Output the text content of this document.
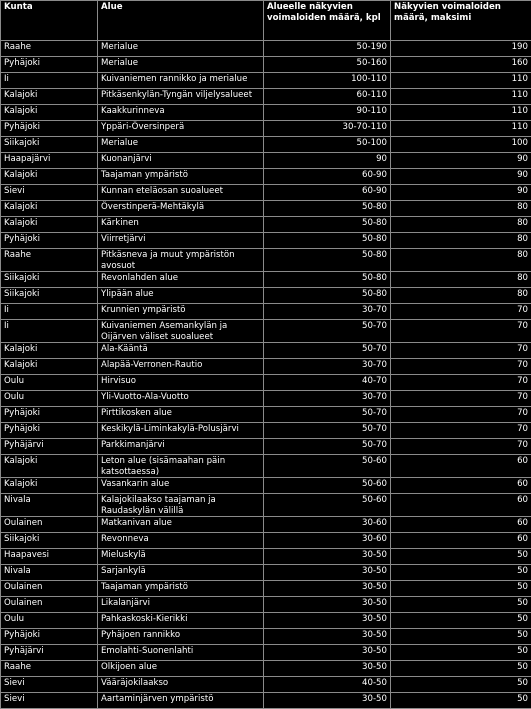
Kunta	Alue	Alueelle näkyvien voimaloiden määrä, kpl	Näkyvien voimaloiden määrä, maksimi
Raahe	Merialue	50-190	190
Pyhäjoki	Merialue	50-160	160
Ii	Kuivaniemen rannikko ja merialue	100-110	110
Kalajoki	Pitkäsenkylän-Tyngän viljelysalueet	60-110	110
Kalajoki	Kaakkurinneva	90-110	110
Pyhäjoki	Yppäri-Översinperä	30-70-110	110
Siikajoki	Merialue	50-100	100
Haapajärvi	Kuonanjärvi	90	90
Kalajoki	Taajaman ympäristö	60-90	90
Sievi	Kunnan eteläosan suoalueet	60-90	90
Kalajoki	Överstinperä-Mehtäkylä	50-80	80
Kalajoki	Kärkinen	50-80	80
Pyhäjoki	Viirretjärvi	50-80	80
Raahe	Pitkäsneva ja muut ympäristön avosuot	50-80	80
Siikajoki	Revonlahden alue	50-80	80
Siikajoki	Ylipään alue	50-80	80
Ii	Krunnien ympäristö	30-70	70
Ii	Kuivaniemen Asemankylän ja Oijärven väliset suoalueet	50-70	70
Kalajoki	Ala-Kääntä	50-70	70
Kalajoki	Alapää-Verronen-Rautio	30-70	70
Oulu	Hirvisuo	40-70	70
Oulu	Yli-Vuotto-Ala-Vuotto	30-70	70
Pyhäjoki	Pirttikosken alue	50-70	70
Pyhäjoki	Keskikylä-Liminkakylä-Polusjärvi	50-70	70
Pyhäjärvi	Parkkimanjärvi	50-70	70
Kalajoki	Leton alue (sisämaahan päin katsottaessa)	50-60	60
Kalajoki	Vasankarin alue	50-60	60
Nivala	Kalajokilaakso taajaman ja Raudaskylän välillä	50-60	60
Oulainen	Matkanivan alue	30-60	60
Siikajoki	Revonneva	30-60	60
Haapavesi	Mieluskylä	30-50	50
Nivala	Sarjankylä	30-50	50
Oulainen	Taajaman ympäristö	30-50	50
Oulainen	Likalanjärvi	30-50	50
Oulu	Pahkaskoski-Kierikki	30-50	50
Pyhäjoki	Pyhäjoen rannikko	30-50	50
Pyhäjärvi	Emolahti-Suonenlahti	30-50	50
Raahe	Olkijoen alue	30-50	50
Sievi	Vääräjokilaakso	40-50	50
Sievi	Aartaminjärven ympäristö	30-50	50
